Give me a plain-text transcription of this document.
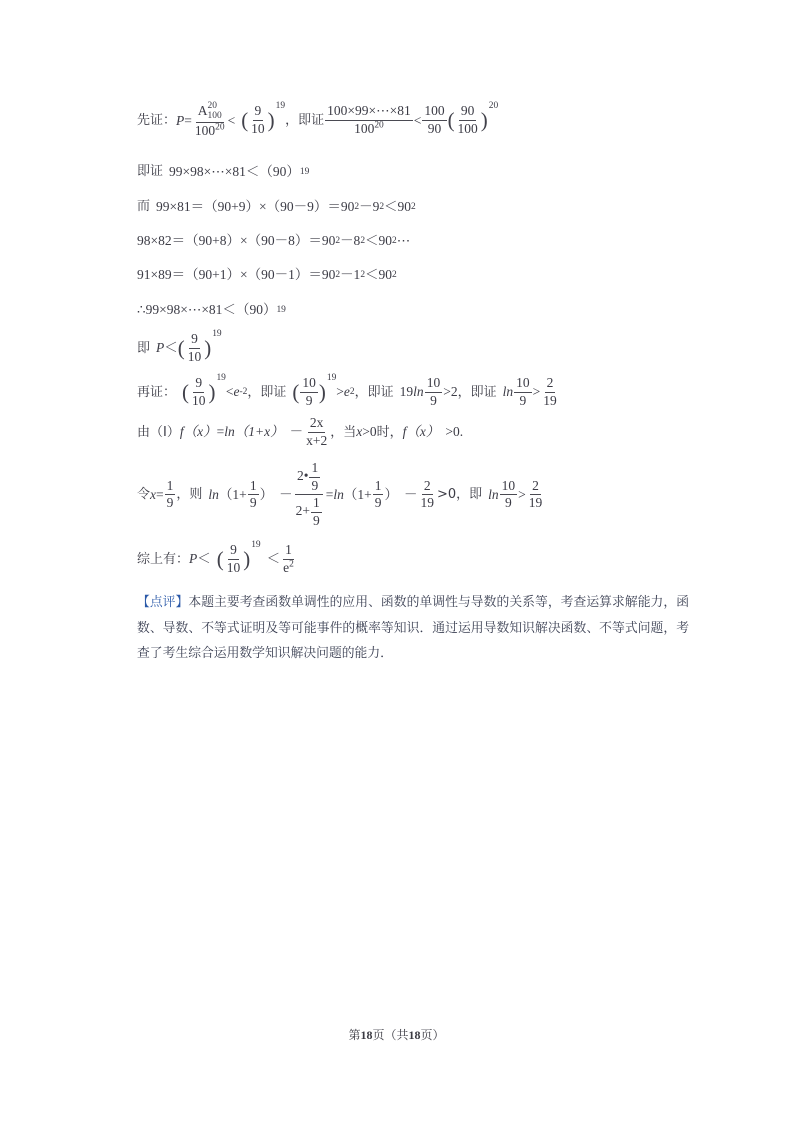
先证： P = A 20
100
$100^{20}$ < ( $\frac{9}{10}$ )
19
， 即证 $\frac{100\times 99\times\cdots\times 81}{100^{20}} < \frac{100}{90}$ ( $\frac{90}{100}$ )
20
即证 99×98×⋯×81＜ （ 90 ） 19
而 99×81＝（90+9）×（90－9）＝90 2 －9 2 ＜90 2
98×82＝（90+8）×（90－8）＝90 2 －8 2 ＜90 2 ⋯
91×89＝（90+1）×（90－1）＝90 2 －1 2 ＜90 2
∴ 99×98×⋯×81＜ （ 90 ） 19
即 P ＜ ( $\frac{9}{10}$ )
19
再证： ( $\frac{9}{10}$ )
19
< e -2 ， 即证 ( $\frac{10}{9}$ )
19
> e 2 ， 即证 19 $\ln \frac{10}{9} > 2$ ， 即证 $\ln \frac{10}{9} > \frac{2}{19}$
由（Ⅰ） f $(x) = \ln (1+x) - \frac{2x}{x+2}$ ， 当 x >0 时， f （x） >0.
令 $x = \frac{1}{9}$ ， 则 $\ln (1+ \frac{1}{9}$ ） － $\frac{2• \frac{1}{9}}{2+ \frac{1}{9}} = \ln (1+ \frac{1}{9}$ ） － $\frac{2}{19} >0$， 即 $\ln \frac{10}{9} > \frac{2}{19}$
综上有： P ＜ ( $\frac{9}{10}$ )
19
＜ $\frac{1}{e^2}$
【点评】本题主要考查函数单调性的应用、函数的单调性与导数的关系等，考查运算求解能力，函数、导数、不等式证明及等可能事件的概率等知识．通过运用导数知识解决函数、不等式问题，考查了考生综合运用数学知识解决问题的能力．
第18页（共18页）
